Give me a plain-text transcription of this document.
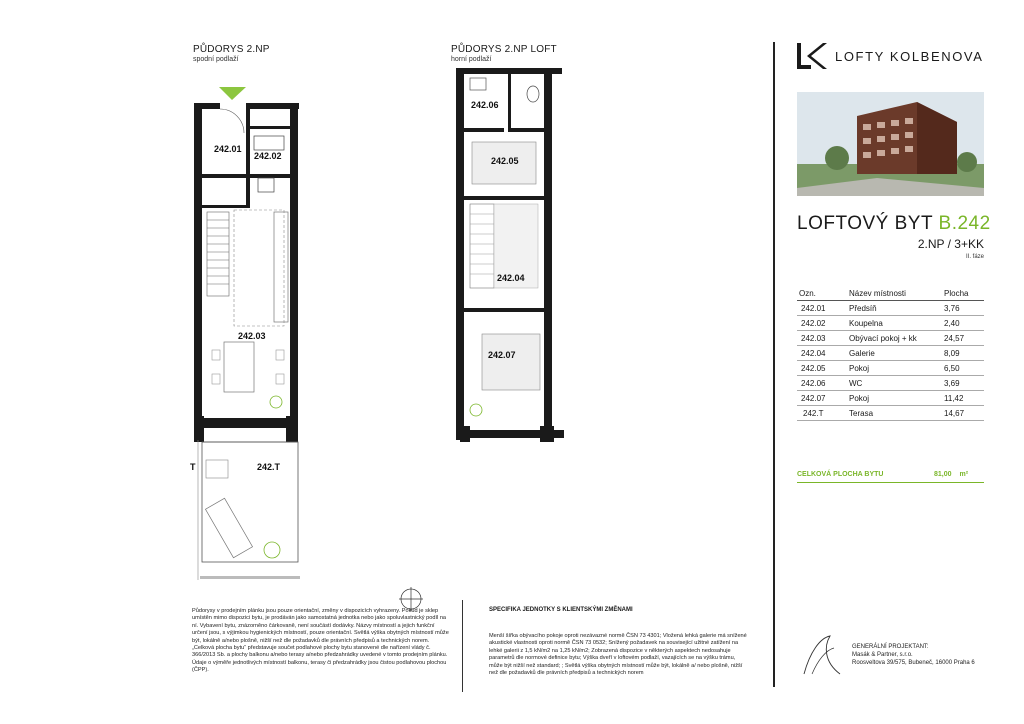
PŮDORYS 2.NP
spodní podlaží
242.01
242.02
242.03
242.T
T
PŮDORYS 2.NP LOFT
horní podlaží
242.06
242.05
242.04
242.07
LOFTY KOLBENOVA
LOFTOVÝ BYT B.242
2.NP / 3+KK
II. fáze
Ozn.	Název místnosti	Plocha
242.01	Předsíň	3,76
242.02	Koupelna	2,40
242.03	Obývací pokoj + kk	24,57
242.04	Galerie	8,09
242.05	Pokoj	6,50
242.06	WC	3,69
242.07	Pokoj	11,42
242.T	Terasa	14,67
CELKOVÁ PLOCHA BYTU	81,00 m²
Půdorysy v prodejním plánku jsou pouze orientační, změny v dispozicích vyhrazeny. Pokud je sklep umístěn mimo dispozici bytu, je prodáván jako samostatná jednotka nebo jako spoluvlastnický podíl na ní. Vybavení bytu, znázorněno čárkovaně, není součástí dodávky. Názvy místností a jejich funkční určení jsou, s výjimkou hygienických místností, pouze orientační. Světlá výška obytných místností může být, lokálně a/nebo plošně, nižší než dle požadavků dle právních předpisů a technických norem. „Celková plocha bytu“ představuje součet podlahové plochy bytu stanovené dle nařízení vlády č. 366/2013 Sb. a plochy balkonu a/nebo terasy a/nebo předzahrádky uvedené v tomto prodejním plánku. Údaje o výměře jednotlivých místností balkonu, terasy či předzahrádky jsou čistou podlahovou plochou (ČPP).
SPECIFIKA JEDNOTKY S KLIENTSKÝMI ZMĚNAMI
Menší šířka obývacího pokoje oproti nezávazné normě ČSN 73 4301; Vložená lehká galerie má snížené akustické vlastnosti oproti normě ČSN 73 0532; Snížený požadavek na související užitné zatížení na lehké galerii z 1,5 kN/m2 na 1,25 kN/m2; Zobrazená dispozice v některých aspektech nedosahuje parametrů dle normové definice bytu; Výška dveří v loftovém podlaží, vazajících se na výšku trámu, může být nižší než standard; ; Světlá výška obytných místností může být, lokálně a/ nebo plošně, nižší než dle požadavků dle právních předpisů a technických norem
GENERÁLNÍ PROJEKTANT:
Masák & Partner, s.r.o.
Roosveltova 39/575, Bubeneč, 16000 Praha 6
